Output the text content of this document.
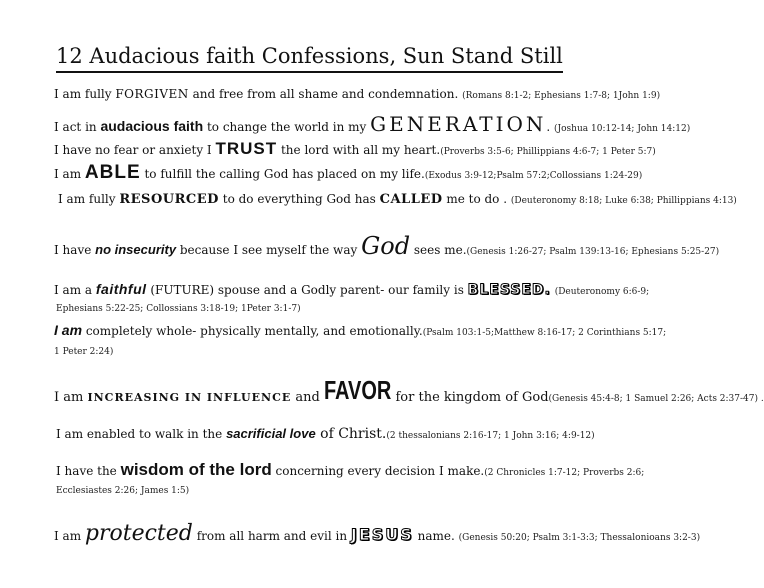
12 Audacious faith Confessions, Sun Stand Still
I am fully FORGIVEN and free from all shame and condemnation. (Romans 8:1-2; Ephesians 1:7-8; 1John 1:9)
I act in audacious faith to change the world in my GENERATION. (Joshua 10:12-14; John 14:12)
I have no fear or anxiety I TRUST the lord with all my heart.(Proverbs 3:5-6; Phillippians 4:6-7; 1 Peter 5:7)
I am ABLE to fulfill the calling God has placed on my life.(Exodus 3:9-12;Psalm 57:2;Collossians 1:24-29)
I am fully RESOURCED to do everything God has CALLED me to do . (Deuteronomy 8:18; Luke 6:38; Phillippians 4:13)
I have no insecurity because I see myself the way God sees me.(Genesis 1:26-27; Psalm 139:13-16; Ephesians 5:25-27)
I am a faithful (FUTURE) spouse and a Godly parent- our family is BLESSED. (Deuteronomy 6:6-9;
Ephesians 5:22-25; Collossians 3:18-19; 1Peter 3:1-7)
I am completely whole- physically mentally, and emotionally.(Psalm 103:1-5;Matthew 8:16-17; 2 Corinthians 5:17;
1 Peter 2:24)
I am INCREASING IN INFLUENCE and FAVOR for the kingdom of God(Genesis 45:4-8; 1 Samuel 2:26; Acts 2:37-47) .
I am enabled to walk in the sacrificial love of Christ.(2 thessalonians 2:16-17; 1 John 3:16; 4:9-12)
I have the wisdom of the lord concerning every decision I make.(2 Chronicles 1:7-12; Proverbs 2:6;
Ecclesiastes 2:26; James 1:5)
I am protected from all harm and evil in JESUS name. (Genesis 50:20; Psalm 3:1-3:3; Thessalonioans 3:2-3)
